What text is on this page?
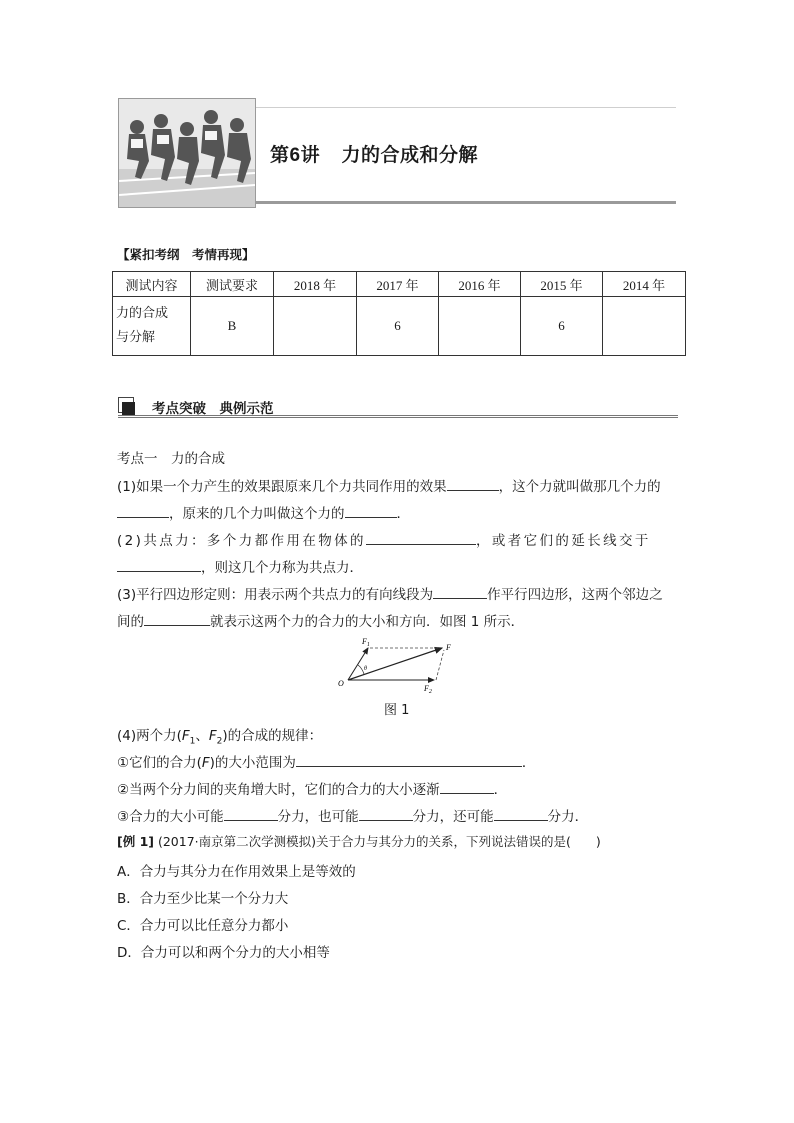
第6讲 力的合成和分解
【紧扣考纲　考情再现】
测试内容	测试要求	2018 年	2017 年	2016 年	2015 年	2014 年
力的合成
与分解	B		6		6	
考点突破　典例示范
考点一　力的合成
(1)如果一个力产生的效果跟原来几个力共同作用的效果	，这个力就叫做那几个力的
，原来的几个力叫做这个力的	．
(2)共点力：多个力都作用在物体的	，或者它们的延长线交于
，则这几个力称为共点力．
(3)平行四边形定则：用表示两个共点力的有向线段为	作平行四边形，这两个邻边之
间的	就表示这两个力的合力的大小和方向．如图 1 所示．
$F_1$	F
$F_2$
O
θ
图 1
(4)两个力($F_1$、$F_2$)的合成的规律：
①它们的合力(F)的大小范围为	．
②当两个分力间的夹角增大时，它们的合力的大小逐渐	．
③合力的大小可能	分力，也可能	分力，还可能	分力．
[例 1] (2017·南京第二次学测模拟)关于合力与其分力的关系，下列说法错误的是(　　)
A．合力与其分力在作用效果上是等效的
B．合力至少比某一个分力大
C．合力可以比任意分力都小
D．合力可以和两个分力的大小相等
